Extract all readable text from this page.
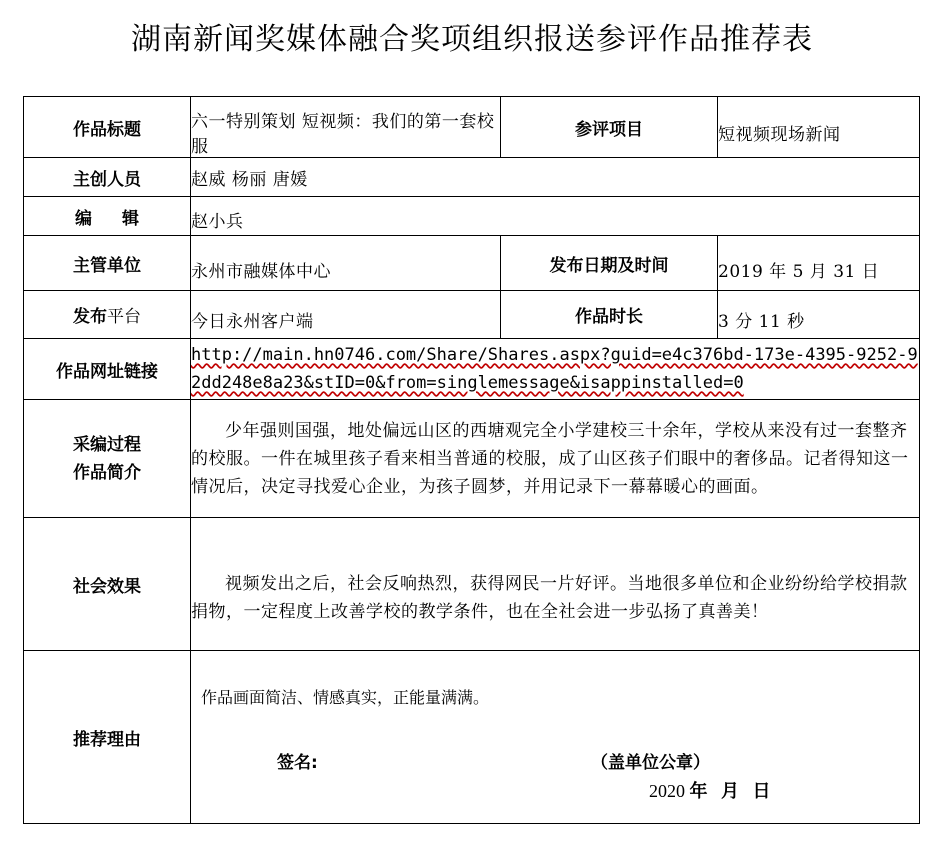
湖南新闻奖媒体融合奖项组织报送参评作品推荐表
作品标题	六一特别策划 短视频：我们的第一套校服	参评项目	短视频现场新闻
主创人员	赵威 杨丽 唐媛		
编辑	赵小兵		
主管单位	永州市融媒体中心	发布日期及时间	2019 年 5 月 31 日
发布平台	今日永州客户端	作品时长	3 分 11 秒
作品网址链接	http://main.hn0746.com/Share/Shares.aspx?guid=e4c376bd-173e-4395-9252-92dd248e8a23&stID=0&from=singlemessage&isappinstalled=0		

采编过程
作品简介	少年强则国强，地处偏远山区的西塘观完全小学建校三十余年，学校从来没有过一套整齐的校服。一件在城里孩子看来相当普通的校服，成了山区孩子们眼中的奢侈品。记者得知这一情况后，决定寻找爱心企业，为孩子圆梦，并用记录下一幕幕暖心的画面。		
社会效果	视频发出之后，社会反响热烈，获得网民一片好评。当地很多单位和企业纷纷给学校捐款捐物，一定程度上改善学校的教学条件，也在全社会进一步弘扬了真善美！		
推荐理由	作品画面简洁、情感真实，正能量满满。
签名: （盖单位公章）
2020 年 月 日		
